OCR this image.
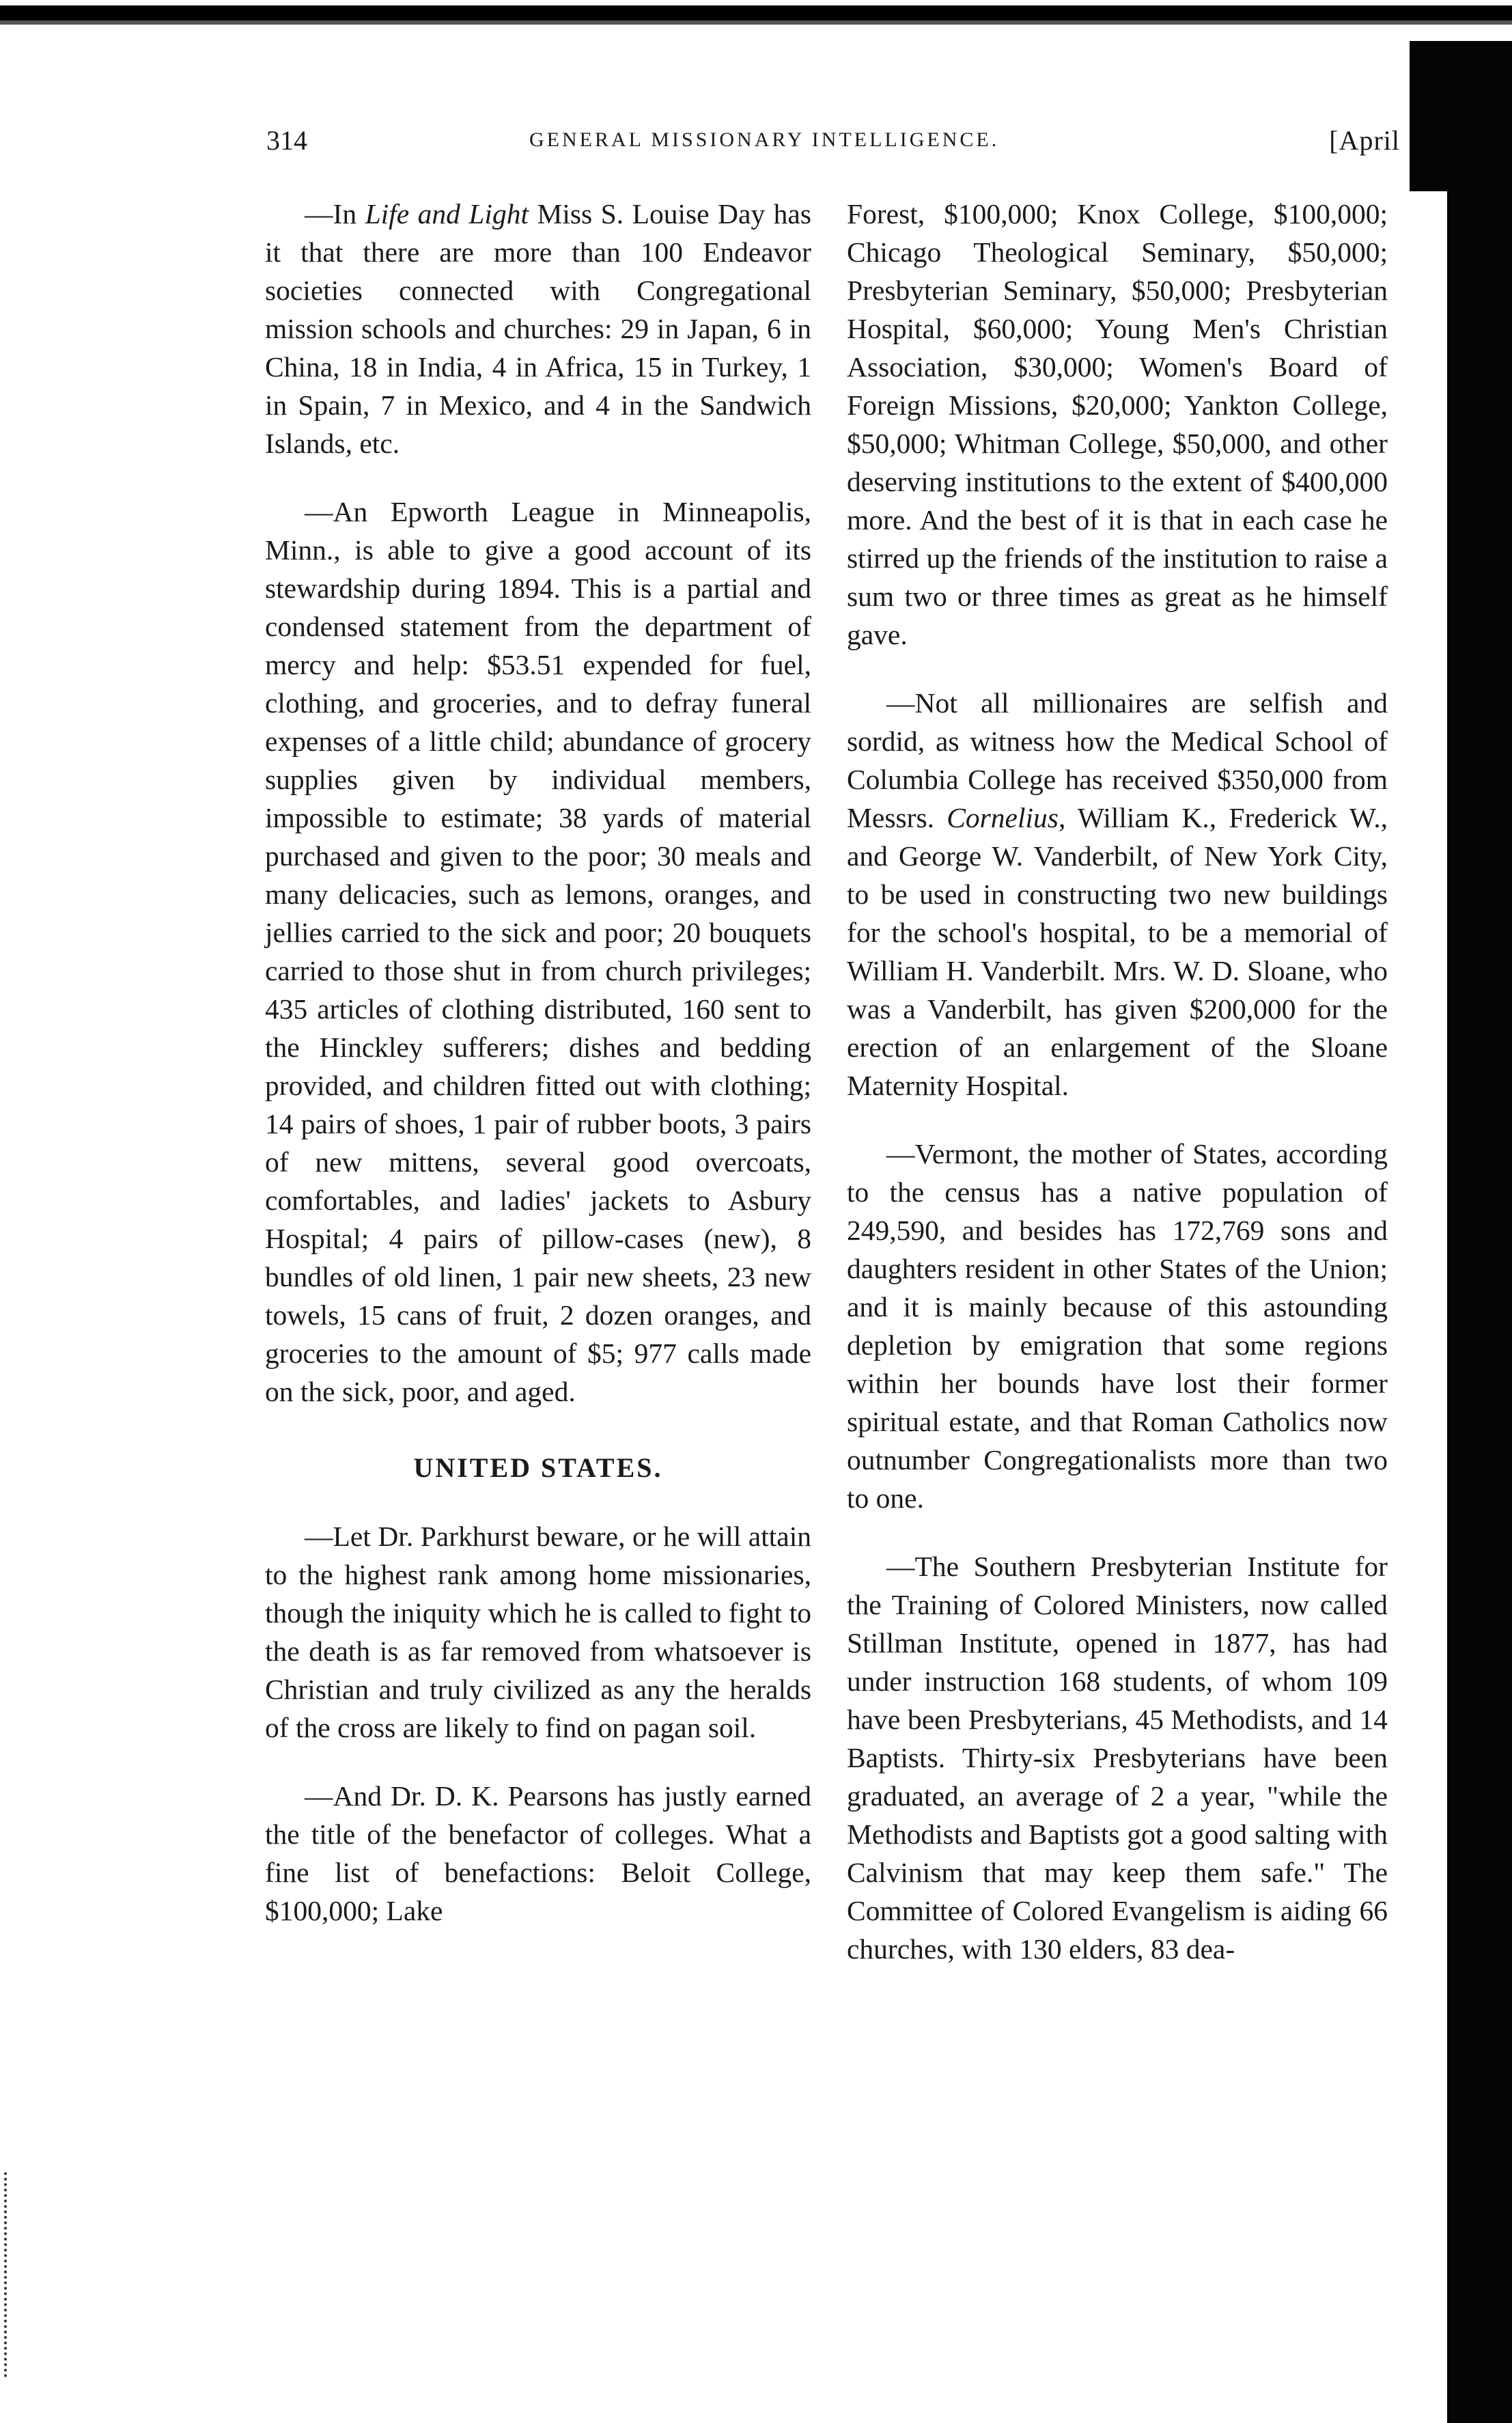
314	GENERAL MISSIONARY INTELLIGENCE.	[April

—In Life and Light Miss S. Louise Day has it that there are more than 100 Endeavor societies connected with Congregational mission schools and churches: 29 in Japan, 6 in China, 18 in India, 4 in Africa, 15 in Turkey, 1 in Spain, 7 in Mexico, and 4 in the Sandwich Islands, etc.

—An Epworth League in Minneapolis, Minn., is able to give a good account of its stewardship during 1894. This is a partial and condensed statement from the department of mercy and help: $53.51 expended for fuel, clothing, and groceries, and to defray funeral expenses of a little child; abundance of grocery supplies given by individual members, impossible to estimate; 38 yards of material purchased and given to the poor; 30 meals and many delicacies, such as lemons, oranges, and jellies carried to the sick and poor; 20 bouquets carried to those shut in from church privileges; 435 articles of clothing distributed, 160 sent to the Hinckley sufferers; dishes and bedding provided, and children fitted out with clothing; 14 pairs of shoes, 1 pair of rubber boots, 3 pairs of new mittens, several good overcoats, comfortables, and ladies' jackets to Asbury Hospital; 4 pairs of pillow-cases (new), 8 bundles of old linen, 1 pair new sheets, 23 new towels, 15 cans of fruit, 2 dozen oranges, and groceries to the amount of $5; 977 calls made on the sick, poor, and aged.

UNITED STATES.

—Let Dr. Parkhurst beware, or he will attain to the highest rank among home missionaries, though the iniquity which he is called to fight to the death is as far removed from whatsoever is Christian and truly civilized as any the heralds of the cross are likely to find on pagan soil.

—And Dr. D. K. Pearsons has justly earned the title of the benefactor of colleges. What a fine list of benefactions: Beloit College, $100,000; Lake

Forest, $100,000; Knox College, $100,000; Chicago Theological Seminary, $50,000; Presbyterian Seminary, $50,000; Presbyterian Hospital, $60,000; Young Men's Christian Association, $30,000; Women's Board of Foreign Missions, $20,000; Yankton College, $50,000; Whitman College, $50,000, and other deserving institutions to the extent of $400,000 more. And the best of it is that in each case he stirred up the friends of the institution to raise a sum two or three times as great as he himself gave.

—Not all millionaires are selfish and sordid, as witness how the Medical School of Columbia College has received $350,000 from Messrs. Cornelius, William K., Frederick W., and George W. Vanderbilt, of New York City, to be used in constructing two new buildings for the school's hospital, to be a memorial of William H. Vanderbilt. Mrs. W. D. Sloane, who was a Vanderbilt, has given $200,000 for the erection of an enlargement of the Sloane Maternity Hospital.

—Vermont, the mother of States, according to the census has a native population of 249,590, and besides has 172,769 sons and daughters resident in other States of the Union; and it is mainly because of this astounding depletion by emigration that some regions within her bounds have lost their former spiritual estate, and that Roman Catholics now outnumber Congregationalists more than two to one.

—The Southern Presbyterian Institute for the Training of Colored Ministers, now called Stillman Institute, opened in 1877, has had under instruction 168 students, of whom 109 have been Presbyterians, 45 Methodists, and 14 Baptists. Thirty-six Presbyterians have been graduated, an average of 2 a year, "while the Methodists and Baptists got a good salting with Calvinism that may keep them safe." The Committee of Colored Evangelism is aiding 66 churches, with 130 elders, 83 dea-
